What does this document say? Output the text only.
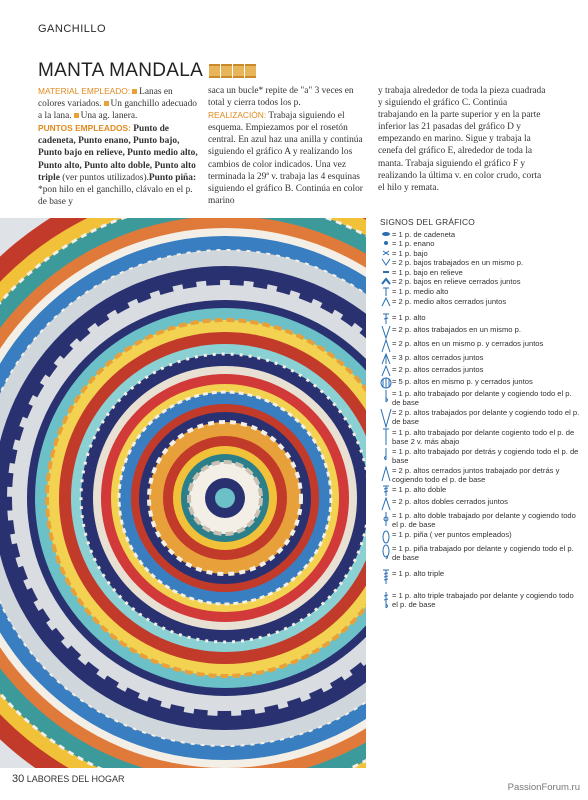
GANCHILLO
MANTA MANDALA
MATERIAL EMPLEADO: Lanas en colores variados. Un ganchillo adecuado a la lana. Una ag. lanera.
PUNTOS EMPLEADOS: Punto de cadeneta, Punto enano, Punto bajo, Punto bajo en relieve, Punto medio alto, Punto alto, Punto alto doble, Punto alto triple (ver puntos utilizados).Punto piña: *pon hilo en el ganchillo, clávalo en el p. de base y
saca un bucle* repite de "a" 3 veces en total y cierra todos los p.
REALIZACIÓN: Trabaja siguiendo el esquema. Empiezamos por el rosetón central. En azul haz una anilla y continúa siguiendo el gráfico A y realizando los cambios de color indicados. Una vez terminada la 29ª v. trabaja las 4 esquinas siguiendo el gráfico B. Continúa en color marino
y trabaja alrededor de toda la pieza cuadrada y siguiendo el gráfico C. Continúa trabajando en la parte superior y en la parte inferior las 21 pasadas del gráfico D y empezando en marino. Sigue y trabaja la cenefa del gráfico E, alrededor de toda la manta. Trabaja siguiendo el gráfico F y realizando la última v. en color crudo, corta el hilo y remata.
SIGNOS DEL GRÁFICO
= 1 p. de cadeneta
= 1 p. enano
= 1 p. bajo
= 2 p. bajos trabajados en un mismo p.
= 1 p. bajo en relieve
= 2 p. bajos en relieve cerrados juntos
= 1 p. medio alto
= 2 p. medio altos cerrados juntos
= 1 p. alto
= 2 p. altos trabajados en un mismo p.
= 2 p. altos en un mismo p. y cerrados juntos
= 3 p. altos cerrados juntos
= 2 p. altos cerrados juntos
= 5 p. altos en mismo p. y cerrados juntos
= 1 p. alto trabajado por delante y cogiendo todo el p. de base
= 2 p. altos trabajados por delante y cogiendo todo el p. de base
= 1 p. alto trabajado por delante cogiento todo el p. de base 2 v. más abajo
= 1 p. alto trabajado por detrás y cogiendo todo el p. de base
= 2 p. altos cerrados juntos trabajado por detrás y cogiendo todo el p. de base
= 1 p. alto doble
= 2 p. altos dobles cerrados juntos
= 1 p. alto doble trabajado por delante y cogiendo todo el p. de base
= 1 p. piña ( ver puntos empleados)
= 1 p. piña trabajado por delante y cogiendo todo el p. de base
= 1 p. alto triple
= 1 p. alto triple trabajado por delante y cogiendo todo el p. de base
30 LABORES DEL HOGAR
PassionForum.ru
